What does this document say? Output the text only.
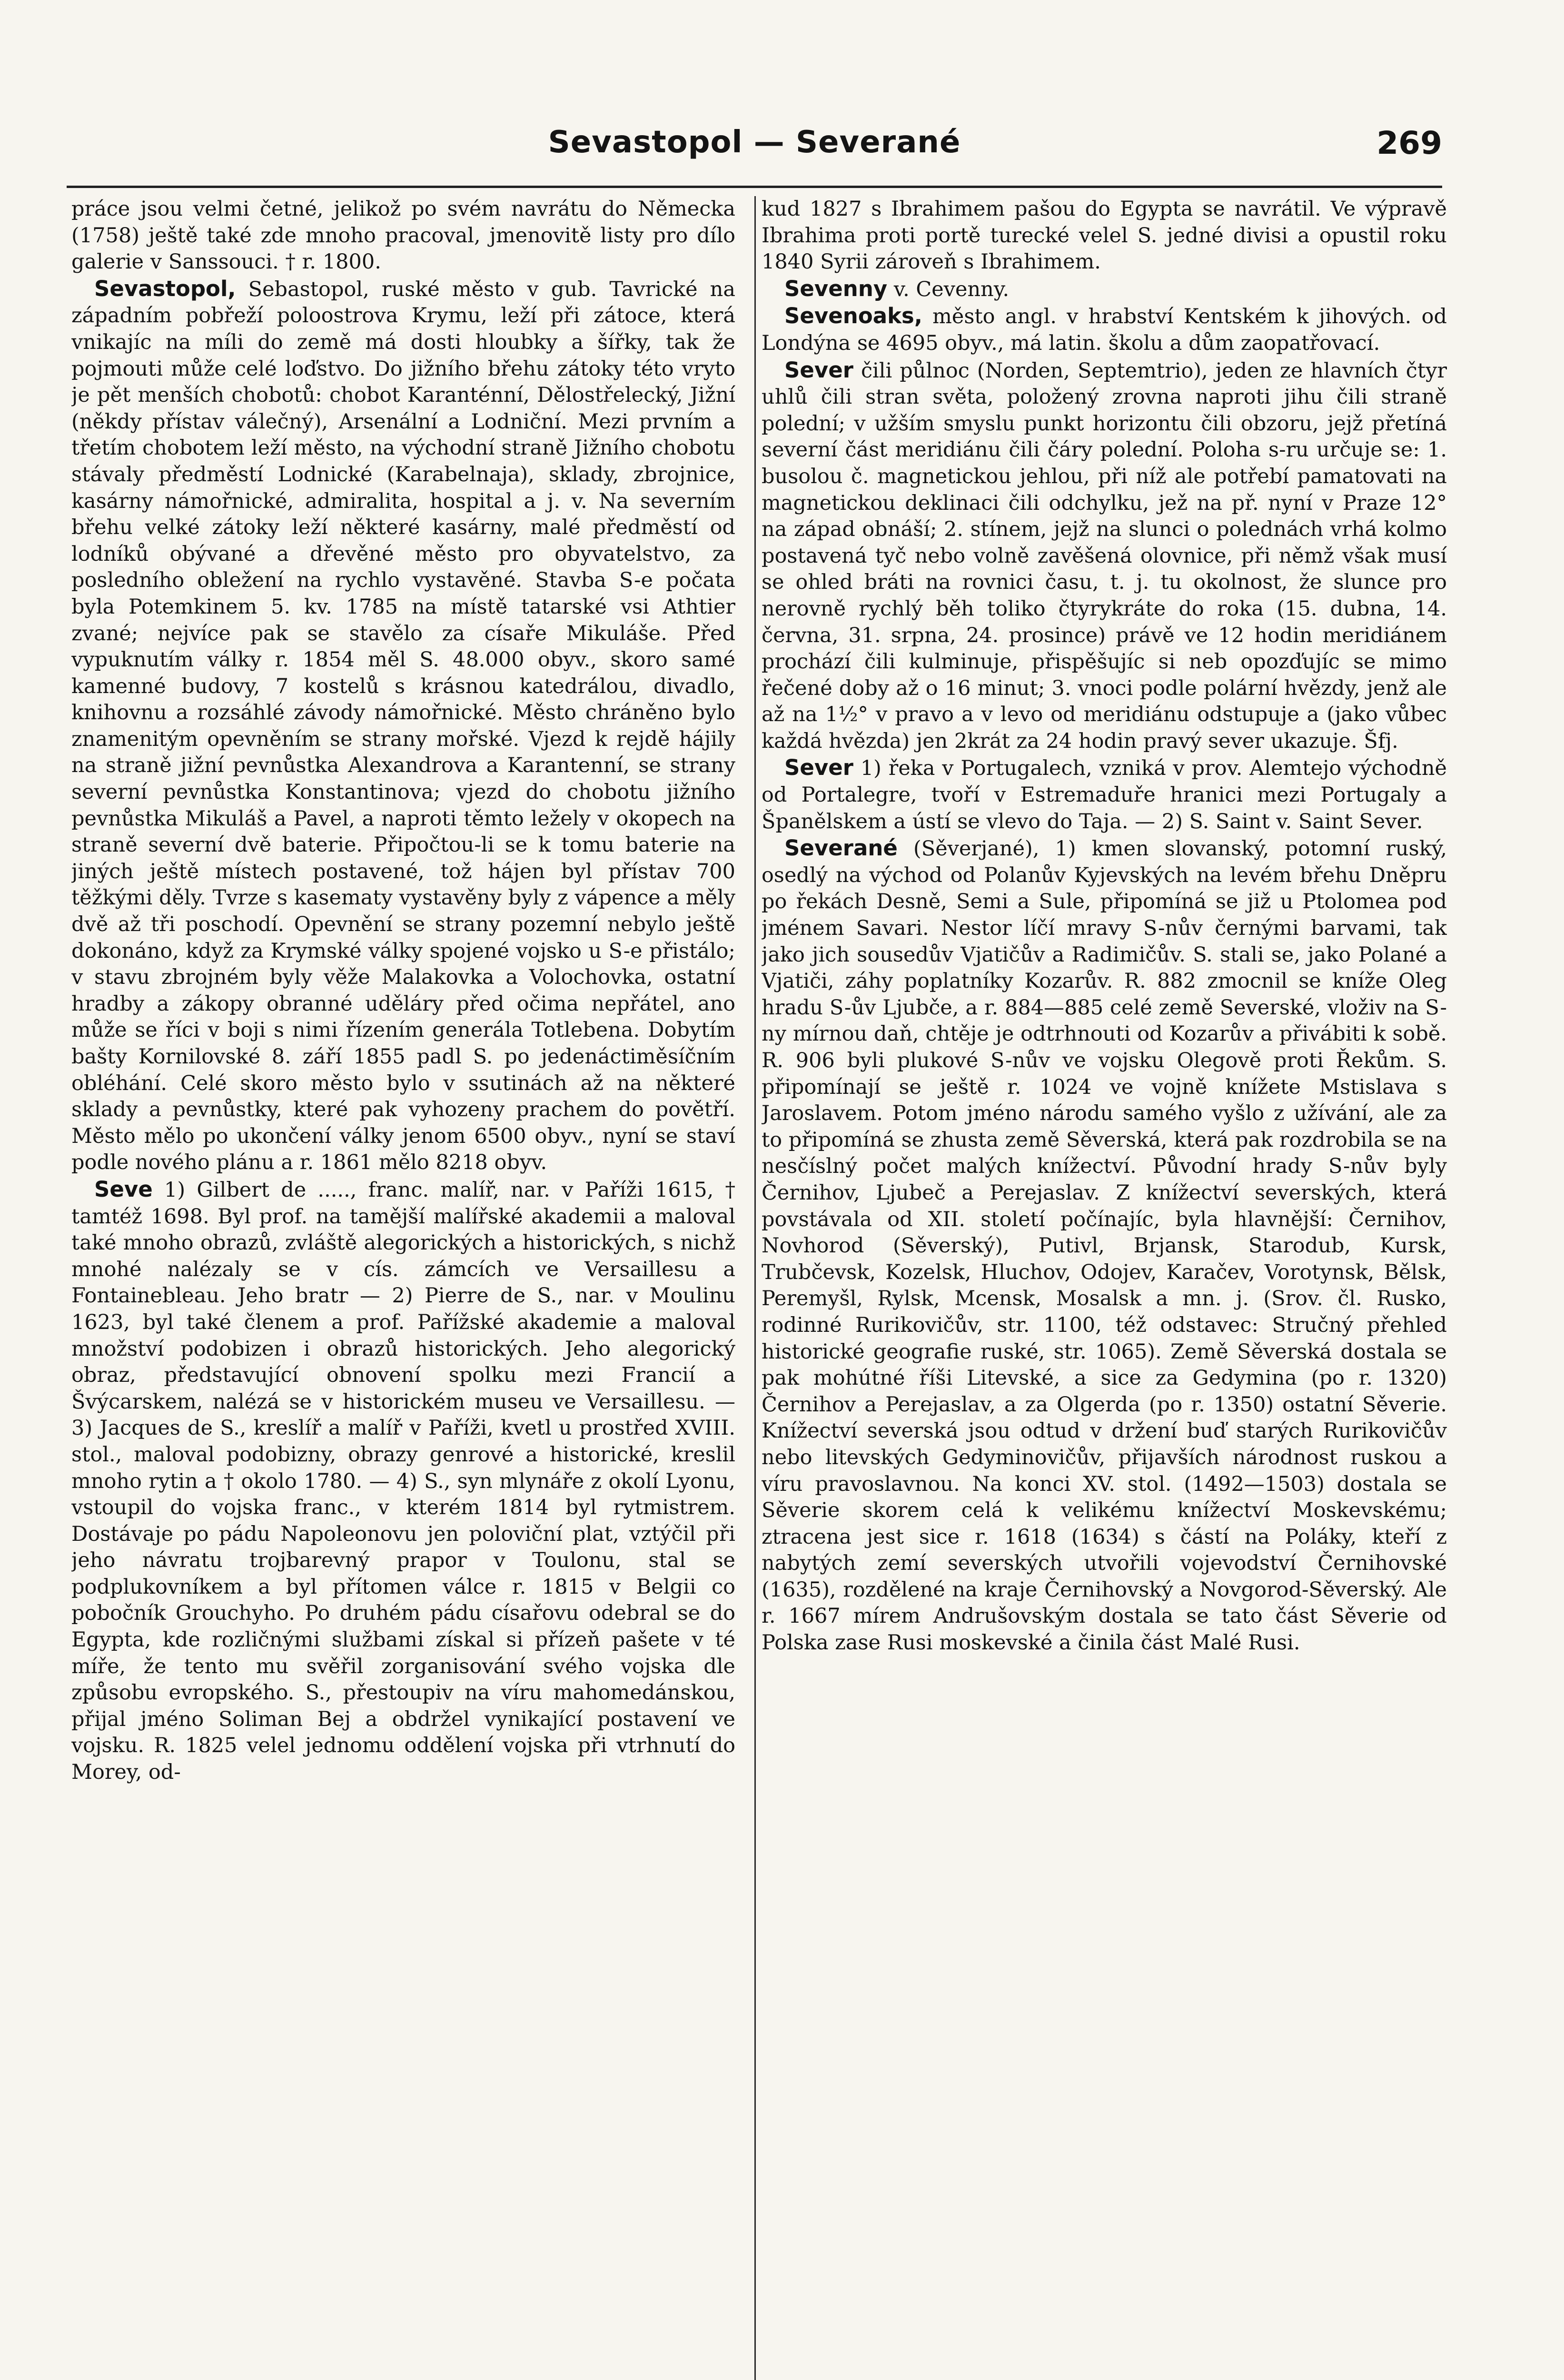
Sevastopol — Severané	269

práce jsou velmi četné, jelikož po svém navrátu do Německa (1758) ještě také zde mnoho pracoval, jmenovitě listy pro dílo galerie v Sanssouci. † r. 1800.

Sevastopol, Sebastopol, ruské město v gub. Tavrické na západním pobřeží poloostrova Krymu, leží při zátoce, která vnikajíc na míli do země má dosti hloubky a šířky, tak že pojmouti může celé loďstvo. Do jižního břehu zátoky této vryto je pět menších chobotů: chobot Karanténní, Dělostřelecký, Jižní (někdy přístav válečný), Arsenální a Lodniční. Mezi prvním a třetím chobotem leží město, na východní straně Jižního chobotu stávaly předměstí Lodnické (Karabelnaja), sklady, zbrojnice, kasárny námořnické, admiralita, hospital a j. v. Na severním břehu velké zátoky leží některé kasárny, malé předměstí od lodníků obývané a dřevěné město pro obyvatelstvo, za posledního obležení na rychlo vystavěné. Stavba S-e počata byla Potemkinem 5. kv. 1785 na místě tatarské vsi Athtier zvané; nejvíce pak se stavělo za císaře Mikuláše. Před vypuknutím války r. 1854 měl S. 48.000 obyv., skoro samé kamenné budovy, 7 kostelů s krásnou katedrálou, divadlo, knihovnu a rozsáhlé závody námořnické. Město chráněno bylo znamenitým opevněním se strany mořské. Vjezd k rejdě hájily na straně jižní pevnůstka Alexandrova a Karantenní, se strany severní pevnůstka Konstantinova; vjezd do chobotu jižního pevnůstka Mikuláš a Pavel, a naproti těmto ležely v okopech na straně severní dvě baterie. Připočtou-li se k tomu baterie na jiných ještě místech postavené, tož hájen byl přístav 700 těžkými děly. Tvrze s kasematy vystavěny byly z vápence a měly dvě až tři poschodí. Opevnění se strany pozemní nebylo ještě dokonáno, když za Krymské války spojené vojsko u S-e přistálo; v stavu zbrojném byly věže Malakovka a Volochovka, ostatní hradby a zákopy obranné uděláry před očima nepřátel, ano může se říci v boji s nimi řízením generála Totlebena. Dobytím bašty Kornilovské 8. září 1855 padl S. po jedenáctiměsíčním obléhání. Celé skoro město bylo v ssutinách až na některé sklady a pevnůstky, které pak vyhozeny prachem do povětří. Město mělo po ukončení války jenom 6500 obyv., nyní se staví podle nového plánu a r. 1861 mělo 8218 obyv.

Seve 1) Gilbert de ....., franc. malíř, nar. v Paříži 1615, † tamtéž 1698. Byl prof. na tamější malířské akademii a maloval také mnoho obrazů, zvláště alegorických a historických, s nichž mnohé nalézaly se v cís. zámcích ve Versaillesu a Fontainebleau. Jeho bratr — 2) Pierre de S., nar. v Moulinu 1623, byl také členem a prof. Pařížské akademie a maloval množství podobizen i obrazů historických. Jeho alegorický obraz, představující obnovení spolku mezi Francií a Švýcarskem, nalézá se v historickém museu ve Versaillesu. — 3) Jacques de S., kreslíř a malíř v Paříži, kvetl u prostřed XVIII. stol., maloval podobizny, obrazy genrové a historické, kreslil mnoho rytin a † okolo 1780. — 4) S., syn mlynáře z okolí Lyonu, vstoupil do vojska franc., v kterém 1814 byl rytmistrem. Dostávaje po pádu Napoleonovu jen poloviční plat, vztýčil při jeho návratu trojbarevný prapor v Toulonu, stal se podplukovníkem a byl přítomen válce r. 1815 v Belgii co pobočník Grouchyho. Po druhém pádu císařovu odebral se do Egypta, kde rozličnými službami získal si přízeň pašete v té míře, že tento mu svěřil zorganisování svého vojska dle způsobu evropského. S., přestoupiv na víru mahomedánskou, přijal jméno Soliman Bej a obdržel vynikající postavení ve vojsku. R. 1825 velel jednomu oddělení vojska při vtrhnutí do Morey, od-

kud 1827 s Ibrahimem pašou do Egypta se navrátil. Ve výpravě Ibrahima proti portě turecké velel S. jedné divisi a opustil roku 1840 Syrii zároveň s Ibrahimem.

Sevenny v. Cevenny.

Sevenoaks, město angl. v hrabství Kentském k jihových. od Londýna se 4695 obyv., má latin. školu a dům zaopatřovací.

Sever čili půlnoc (Norden, Septemtrio), jeden ze hlavních čtyr uhlů čili stran světa, položený zrovna naproti jihu čili straně polední; v užším smyslu punkt horizontu čili obzoru, jejž přetíná severní část meridiánu čili čáry polední. Poloha s-ru určuje se: 1. busolou č. magnetickou jehlou, při níž ale potřebí pamatovati na magnetickou deklinaci čili odchylku, jež na př. nyní v Praze 12° na západ obnáší; 2. stínem, jejž na slunci o polednách vrhá kolmo postavená tyč nebo volně zavěšená olovnice, při němž však musí se ohled bráti na rovnici času, t. j. tu okolnost, že slunce pro nerovně rychlý běh toliko čtyrykráte do roka (15. dubna, 14. června, 31. srpna, 24. prosince) právě ve 12 hodin meridiánem prochází čili kulminuje, přispěšujíc si neb opozďujíc se mimo řečené doby až o 16 minut; 3. vnoci podle polární hvězdy, jenž ale až na 1½° v pravo a v levo od meridiánu odstupuje a (jako vůbec každá hvězda) jen 2krát za 24 hodin pravý sever ukazuje. Šfj.

Sever 1) řeka v Portugalech, vzniká v prov. Alemtejo východně od Portalegre, tvoří v Estremaduře hranici mezi Portugaly a Španělskem a ústí se vlevo do Taja. — 2) S. Saint v. Saint Sever.

Severané (Sěverjané), 1) kmen slovanský, potomní ruský, osedlý na východ od Polanův Kyjevských na levém břehu Dněpru po řekách Desně, Semi a Sule, připomíná se již u Ptolomea pod jménem Savari. Nestor líčí mravy S-nův černými barvami, tak jako jich sousedův Vjatičův a Radimičův. S. stali se, jako Polané a Vjatiči, záhy poplatníky Kozarův. R. 882 zmocnil se kníže Oleg hradu S-ův Ljubče, a r. 884—885 celé země Severské, vloživ na S-ny mírnou daň, chtěje je odtrhnouti od Kozarův a přivábiti k sobě. R. 906 byli plukové S-nův ve vojsku Olegově proti Řekům. S. připomínají se ještě r. 1024 ve vojně knížete Mstislava s Jaroslavem. Potom jméno národu samého vyšlo z užívání, ale za to připomíná se zhusta země Sěverská, která pak rozdrobila se na nesčíslný počet malých knížectví. Původní hrady S-nův byly Černihov, Ljubeč a Perejaslav. Z knížectví severských, která povstávala od XII. století počínajíc, byla hlavnější: Černihov, Novhorod (Sěverský), Putivl, Brjansk, Starodub, Kursk, Trubčevsk, Kozelsk, Hluchov, Odojev, Karačev, Vorotynsk, Bělsk, Peremyšl, Rylsk, Mcensk, Mosalsk a mn. j. (Srov. čl. Rusko, rodinné Rurikovičův, str. 1100, též odstavec: Stručný přehled historické geografie ruské, str. 1065). Země Sěverská dostala se pak mohútné říši Litevské, a sice za Gedymina (po r. 1320) Černihov a Perejaslav, a za Olgerda (po r. 1350) ostatní Sěverie. Knížectví severská jsou odtud v držení buď starých Rurikovičův nebo litevských Gedyminovičův, přijavších národnost ruskou a víru pravoslavnou. Na konci XV. stol. (1492—1503) dostala se Sěverie skorem celá k velikému knížectví Moskevskému; ztracena jest sice r. 1618 (1634) s částí na Poláky, kteří z nabytých zemí severských utvořili vojevodství Černihovské (1635), rozdělené na kraje Černihovský a Novgorod-Sěverský. Ale r. 1667 mírem Andrušovským dostala se tato část Sěverie od Polska zase Rusi moskevské a činila část Malé Rusi.
